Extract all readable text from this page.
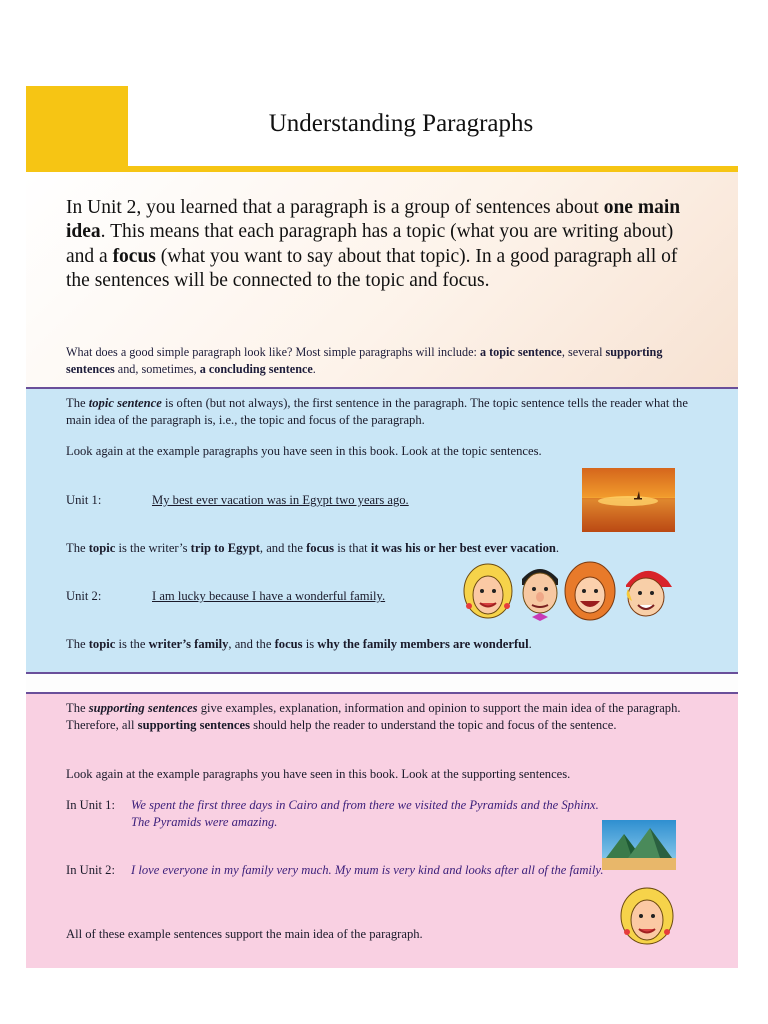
Understanding Paragraphs
In Unit 2, you learned that a paragraph is a group of sentences about one main idea. This means that each paragraph has a topic (what you are writing about) and a focus (what you want to say about that topic). In a good paragraph all of the sentences will be connected to the topic and focus.
What does a good simple paragraph look like? Most simple paragraphs will include: a topic sentence, several supporting sentences and, sometimes, a concluding sentence.
The topic sentence is often (but not always), the first sentence in the paragraph. The topic sentence tells the reader what the main idea of the paragraph is, i.e., the topic and focus of the paragraph.
Look again at the example paragraphs you have seen in this book. Look at the topic sentences.
Unit 1:	My best ever vacation was in Egypt two years ago.
The topic is the writer’s trip to Egypt, and the focus is that it was his or her best ever vacation.
Unit 2:	I am lucky because I have a wonderful family.
The topic is the writer’s family, and the focus is why the family members are wonderful.
The supporting sentences give examples, explanation, information and opinion to support the main idea of the paragraph. Therefore, all supporting sentences should help the reader to understand the topic and focus of the sentence.
Look again at the example paragraphs you have seen in this book. Look at the supporting sentences.
In Unit 1: We spent the first three days in Cairo and from there we visited the Pyramids and the Sphinx.
The Pyramids were amazing.
In Unit 2: I love everyone in my family very much. My mum is very kind and looks after all of the family.
All of these example sentences support the main idea of the paragraph.
